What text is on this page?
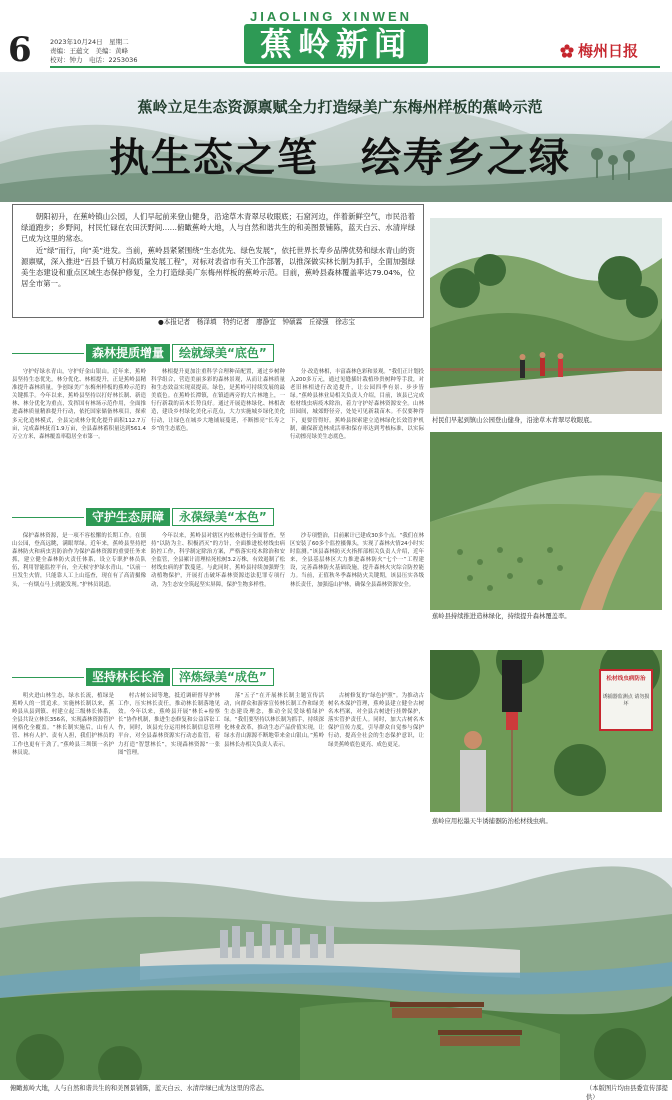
6	2023年10月24日　星期二
责编：王蕴文　美编：黄峰
校对：钟力　电话：2253036
JIAOLING XINWEN
蕉岭新闻	梅州日报
蕉岭立足生态资源禀赋全力打造绿美广东梅州样板的蕉岭示范
执生态之笔　绘寿乡之绿

朝阳初升，在蕉岭镇山公园，人们早起前来登山健身，沿途草木青翠尽收眼底；石窟河边，伴着新鲜空气，市民沿着绿道跑步；乡野间，村民忙碌在农田沃野间……俯瞰蕉岭大地，人与自然和谐共生的和美图景铺陈，蓝天白云、水清岸绿已成为这里的常态。

近“绿”而行，向“美”进发。当前，蕉岭县紧紧围绕“生态优先、绿色发展”，依托世界长寿乡品牌优势和绿水青山的资源禀赋，深入推进“百县千镇万村高质量发展工程”，对标对表省市有关工作部署，以推深做实林长制为抓手，全面加强绿美生态建设和重点区域生态保护修复，全力打造绿美广东梅州样板的蕉岭示范。目前，蕉岭县森林覆盖率达79.04%，位居全市第一。

●本报记者　杨泽填　特约记者　廖静宜　钟硕霖　丘禄强　徐志宝
森林提质增量 绘就绿美“底色”

守护好绿水青山，守护好金山银山。近年来，蕉岭县坚持生态优先，林分优化、林相提升，正是蕉岭县精准提升森林质量，争创绿美广东梅州样板的蕉岭示范的关键抓手。今年以来，蕉岭县坚持以打好林长制、新造林、林分优化为重点，发挥国有林场示范作用，全面推进森林质量精准提升行动，依托国家储备林项目，探索多元化造林模式，全县完成林分优化提升面积112.7万亩，完成森林抚育1.9万亩，全县森林蓄积量达到561.4万立方米，森林覆盖率稳居全市第一。

林相提升更加注重科学合理种苗配置，通过乡树种科学组合，营造美丽多彩的森林景观，从而让森林质量和生态效益实现双提高。绿色，是蕉岭可持续发展的最美底色。在蕉岭长潭镇，在镇道两旁的大片林地上，一行行新栽的苗木长势良好。通过开展造林绿化、林相改造，建设乡村绿化美化示范点，大力实施城乡绿化美化行动，让绿色在城乡大地铺展蔓延，不断擦亮“长寿之乡”的生态底色。

分·改造林相，丰富森林色彩和景观。“我们正计划投入200多万元，通过见缝插针栽植珍贵树种等手段，对老旧林相进行改造提升，让公园四季有景、步步皆绿。”蕉岭县林业局相关负责人介绍，目前，该县已完成松材线虫病疫木除治，着力守护好森林资源安全。山林田园间，城郊野径旁，处处可见新栽苗木。不仅要种得下，更要管得好。蕉岭县探索建立造林绿化长效管护机制，确保新造林成活率和保存率达到考核标准，以实际行动擦亮绿美生态底色。

守护生态屏障 永葆绿美“本色”

保护森林资源，是一项不容松懈的长期工作。在镇山公园，登高远眺，满眼翠绿。近年来，蕉岭县坚持把森林防火和病虫害防治作为保护森林资源的重要任务来抓，建立健全森林防火责任体系，设立专职护林员队伍，利用智能监控平台，全天候守护绿水青山。“以前一旦发生火情，只能靠人工上山巡查，现在有了高清摄像头，一有烟点马上就能发现。”护林员说道。

今年以来，蕉岭县对辖区内松林进行全面普查，坚持“以防为主、积极消灭”的方针，全面推进松材线虫病防控工作，科学制定除治方案，严格落实疫木除治和安全监管，全县累计清理枯死松树3.2万株，有效遏制了松材线虫病的扩散蔓延。与此同时，蕉岭县持续加强野生动植物保护，开展打击破坏森林资源违法犯罪专项行动，为生态安全筑起坚实屏障，保护生物多样性。

沙专项整治，目前累计已建成30多个点。“我们在林区安装了60多个监控摄像头，实现了森林火情24小时实时监测。”该县森林防灭火指挥部相关负责人介绍，近年来，全县基层林区大力推进森林防火“七个一”工程建设，完善森林防火基础设施，提升森林火灾综合防控能力。当前，正值秋冬季森林防火关键期，该县压实各级林长责任，加强巡山护林，确保全县森林资源安全。

坚持林长长治 淬炼绿美“成色”

明火进山林生态，绿水长流，植绿是蕉岭人的一贯追求。实施林长制以来，蕉岭县从县到镇、村建立起三级林长体系，全县共设立林长356名，实现森林资源管护网格化全覆盖。“林长制实施后，山有人管、林有人护、责有人担，我们护林员的工作也更有干劲了。”蕉岭县三圳镇一名护林员说。

村古树公园等地，抵近调研督导护林工作，压实林长责任，推动林长制落地见效。今年以来，蕉岭县开展“林长+检察长”协作机制，推进生态修复和公益诉讼工作，同时，该县充分运用林长制信息管理平台，对全县森林资源实行动态监管，着力打造“智慧林长”，实现森林资源“一张图”管理。

落“五子”在开展林长制主题宣传活动，向群众和游客宣传林长制工作和绿美生态建设理念，推动全民爱绿植绿护绿。“我们要坚持以林长制为抓手，持续深化林业改革，推动生态产品价值实现，让绿水青山源源不断地带来金山银山。”蕉岭县林长办相关负责人表示。

古树修复的“绿色护照”。为推动古树名木保护管理，蕉岭县建立健全古树名木档案，对全县古树进行挂牌保护，落实管护责任人。同时，加大古树名木保护宣传力度，引导群众自觉参与保护行动，提高全社会的生态保护意识，让绿美蕉岭底色更亮、成色更足。

村民们早起到镇山公园登山健身，沿途草木青翠尽收眼底。
蕉岭县持续推进造林绿化，持续提升森林覆盖率。
松材线虫病防治
诱捕器监测点 请勿损坏
蕉岭应用松墨天牛诱捕器防治松材线虫病。
俯瞰蕉岭大地，人与自然和谐共生的和美图景铺陈，蓝天白云、水清岸绿已成为这里的常态。	（本版图片均由县委宣传部提供）
